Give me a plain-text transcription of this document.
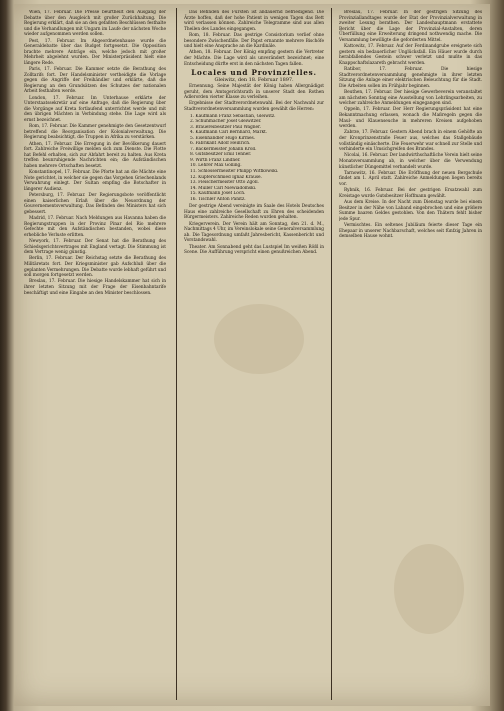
Wien, 17. Februar. Die Presse beurtheilt den Ausgang der Debatte über den Ausgleich mit großer Zurückhaltung. Die Regierung erklärt, daß sie an den gefaßten Beschlüssen festhalte und die Verhandlungen mit Ungarn im Laufe der nächsten Woche wieder aufgenommen werden sollen.

Pest, 17. Februar. Im Abgeordnetenhause wurde die Generaldebatte über das Budget fortgesetzt. Die Opposition brachte mehrere Anträge ein, welche jedoch mit großer Mehrheit abgelehnt wurden. Der Ministerpräsident hielt eine längere Rede.

Paris, 17. Februar. Die Kammer setzte die Berathung des Zolltarifs fort. Der Handelsminister vertheidigte die Vorlage gegen die Angriffe der Freihändler und erklärte, daß die Regierung an den Grundsätzen des Schutzes der nationalen Arbeit festhalten werde.

London, 17. Februar. Im Unterhause erklärte der Unterstaatssekretär auf eine Anfrage, daß die Regierung über die Vorgänge auf Kreta fortlaufend unterrichtet werde und mit den übrigen Mächten in Verbindung stehe. Die Lage wird als ernst bezeichnet.

Rom, 17. Februar. Die Kammer genehmigte den Gesetzentwurf betreffend die Reorganisation der Kolonialverwaltung. Die Regierung beabsichtigt, die Truppen in Afrika zu verstärken.

Athen, 17. Februar. Die Erregung in der Bevölkerung dauert fort. Zahlreiche Freiwillige melden sich zum Dienste. Die Flotte hat Befehl erhalten, sich zur Abfahrt bereit zu halten. Aus Kreta treffen beunruhigende Nachrichten ein; die Aufständischen haben mehrere Ortschaften besetzt.

Konstantinopel, 17. Februar. Die Pforte hat an die Mächte eine Note gerichtet, in welcher sie gegen das Vorgehen Griechenlands Verwahrung einlegt. Der Sultan empfing die Botschafter in längerer Audienz.

Petersburg, 17. Februar. Der Regierungsbote veröffentlicht einen kaiserlichen Erlaß über die Neuordnung der Gouvernementsverwaltung. Das Befinden des Ministers hat sich gebessert.

Madrid, 17. Februar. Nach Meldungen aus Havanna haben die Regierungstruppen in der Provinz Pinar del Rio mehrere Gefechte mit den Aufständischen bestanden, wobei diese erhebliche Verluste erlitten.

Newyork, 17. Februar. Der Senat hat die Berathung des Schiedsgerichtsvertrages mit England vertagt. Die Stimmung ist dem Vertrage wenig günstig.

Berlin, 17. Februar. Der Reichstag setzte die Berathung des Militäretats fort. Der Kriegsminister gab Aufschluß über die geplanten Vermehrungen. Die Debatte wurde lebhaft geführt und soll morgen fortgesetzt werden.

Breslau, 17. Februar. Die hiesige Handelskammer hat sich in ihrer letzten Sitzung mit der Frage der Eisenbahntarife beschäftigt und eine Eingabe an den Minister beschlossen.

Das Befinden des Fürsten ist andauernd befriedigend. Die Ärzte hoffen, daß der hohe Patient in wenigen Tagen das Bett wird verlassen können. Zahlreiche Telegramme sind aus allen Theilen des Landes eingegangen.

Rom, 18. Februar. Das gestrige Consistorium verlief ohne besondere Zwischenfälle. Der Papst ernannte mehrere Bischöfe und hielt eine Ansprache an die Kardinäle.

Athen, 18. Februar. Der König empfing gestern die Vertreter der Mächte. Die Lage wird als unverändert bezeichnet; eine Entscheidung dürfte erst in den nächsten Tagen fallen.

Locales und Provinzielles.

Gleiwitz, den 18. Februar 1897.

Ernennung. Seine Majestät der König haben Allergnädigst geruht, dem Amtsgerichtsrath in unserer Stadt den Rothen Adlerorden vierter Klasse zu verleihen.

Ergebnisse der Stadtverordnetenwahl. Bei der Nachwahl zur Stadtverordnetenversammlung wurden gewählt die Herren:

1. Kaufmann Franz Sebastian, Gleiwitz.
2. Schuhmacher Josef Gleiwitzer.
3. Brauereibesitzer Paul Wagner.
4. Kaufmann Carl Bernhard, Markt.
5. Eisenhändler Hugo Kirmes.
6. Fabrikant Adolf Heinrich.
7. Bäckermeister Johann Kroll.
8. Gutsbesitzer Emil Tenner.
9. Wirth Franz Lindner.
10. Lehrer Max Golling.
11. Schlossermeister Philipp Wittkowski.
12. Kupferschmied Ignaz Krause.
13. Fleischermeister Otto Zgoll.
14. Müller Carl Niewiadomski.
15. Kaufmann Josef Loch.
16. Tischler Anton Panitz.

Der gestrige Abend vereinigte im Saale des Hotels Deutsches Haus eine zahlreiche Gesellschaft zu Ehren des scheidenden Bürgermeisters. Zahlreiche Reden wurden gehalten.

Kriegerverein. Der Verein hält am Sonntag, den 21. d. M., Nachmittags 4 Uhr, im Vereinslokale seine Generalversammlung ab. Die Tagesordnung umfaßt Jahresbericht, Kassenbericht und Vorstandswahl.

Theater. Am Sonnabend geht das Lustspiel Im weißen Rößl in Scene. Die Aufführung verspricht einen genußreichen Abend.

Breslau, 17. Februar. In der gestrigen Sitzung des Provinziallandtages wurde der Etat der Provinzialverwaltung in zweiter Lesung berathen. Der Landeshauptmann erstattete Bericht über die Lage der Provinzial-Anstalten, deren Überfüllung eine Erweiterung dringend nothwendig mache. Die Versammlung bewilligte die geforderten Mittel.

Kattowitz, 17. Februar. Auf der Ferdinandgrube ereignete sich gestern ein bedauerlicher Unglücksfall. Ein Häuer wurde durch herabfallendes Gestein schwer verletzt und mußte in das Knappschaftslazareth gebracht werden.

Ratibor, 17. Februar. Die hiesige Stadtverordnetenversammlung genehmigte in ihrer letzten Sitzung die Anlage einer elektrischen Beleuchtung für die Stadt. Die Arbeiten sollen im Frühjahr beginnen.

Beuthen, 17. Februar. Der hiesige Gewerbeverein veranstaltet am nächsten Sonntag eine Ausstellung von Lehrlingsarbeiten, zu welcher zahlreiche Anmeldungen eingegangen sind.

Oppeln, 17. Februar. Der Herr Regierungspräsident hat eine Bekanntmachung erlassen, wonach die Maßregeln gegen die Maul- und Klauenseuche in mehreren Kreisen aufgehoben werden.

Zabrze, 17. Februar. Gestern Abend brach in einem Gehöfte an der Kronprinzenstraße Feuer aus, welches das Stallgebäude vollständig einäscherte. Die Feuerwehr war schnell zur Stelle und verhinderte ein Umsichgreifen des Brandes.

Nicolai, 16. Februar. Der landwirthschaftliche Verein hielt seine Monatsversammlung ab, in welcher über die Verwendung künstlicher Düngemittel verhandelt wurde.

Tarnowitz, 16. Februar. Die Eröffnung der neuen Bergschule findet am 1. April statt. Zahlreiche Anmeldungen liegen bereits vor.

Rybnik, 16. Februar. Bei der gestrigen Ersatzwahl zum Kreistage wurde Gutsbesitzer Hoffmann gewählt.

Aus dem Kreise. In der Nacht zum Dienstag wurde bei einem Besitzer in der Nähe von Laband eingebrochen und eine größere Summe baaren Geldes gestohlen. Von den Thätern fehlt bisher jede Spur.

Vermischtes. Ein seltenes Jubiläum feierte dieser Tage ein Ehepaar in unserer Nachbarschaft, welches seit fünfzig Jahren in demselben Hause wohnt.
